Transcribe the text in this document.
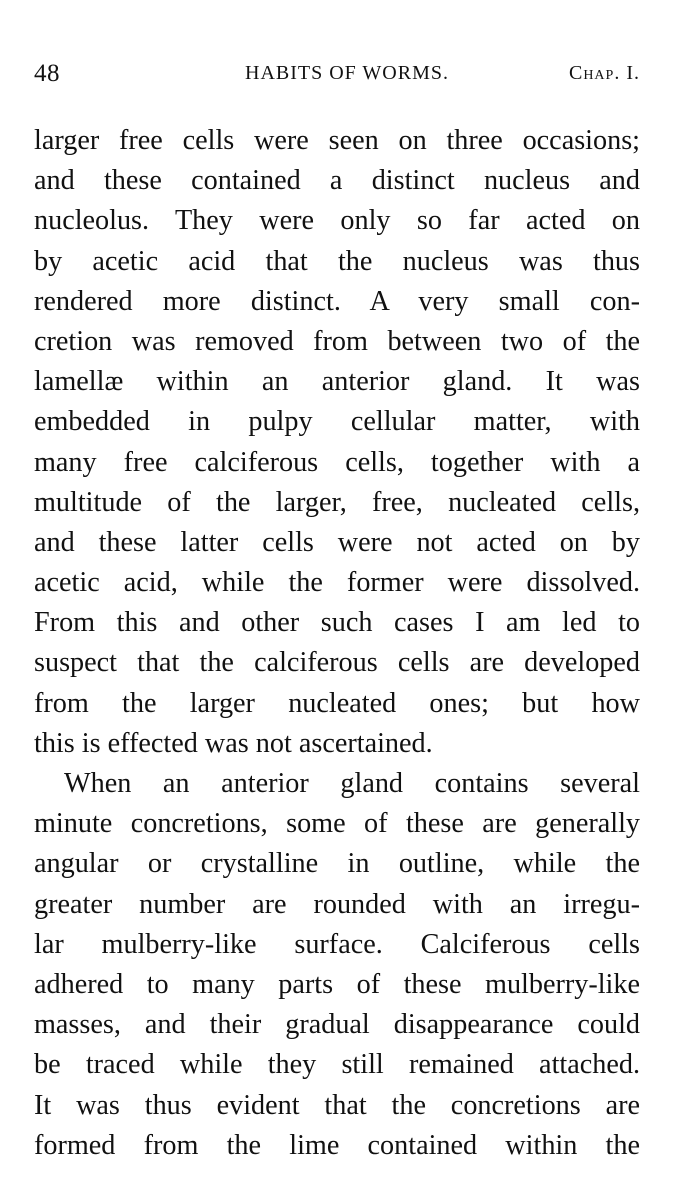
48	HABITS OF WORMS.	Chap. I.
larger free cells were seen on three occasions;
and these contained a distinct nucleus and
nucleolus. They were only so far acted on
by acetic acid that the nucleus was thus
rendered more distinct. A very small con-
cretion was removed from between two of the
lamellæ within an anterior gland. It was
embedded in pulpy cellular matter, with
many free calciferous cells, together with a
multitude of the larger, free, nucleated cells,
and these latter cells were not acted on by
acetic acid, while the former were dissolved.
From this and other such cases I am led to
suspect that the calciferous cells are developed
from the larger nucleated ones; but how
this is effected was not ascertained.
When an anterior gland contains several
minute concretions, some of these are generally
angular or crystalline in outline, while the
greater number are rounded with an irregu-
lar mulberry-like surface. Calciferous cells
adhered to many parts of these mulberry-like
masses, and their gradual disappearance could
be traced while they still remained attached.
It was thus evident that the concretions are
formed from the lime contained within the
